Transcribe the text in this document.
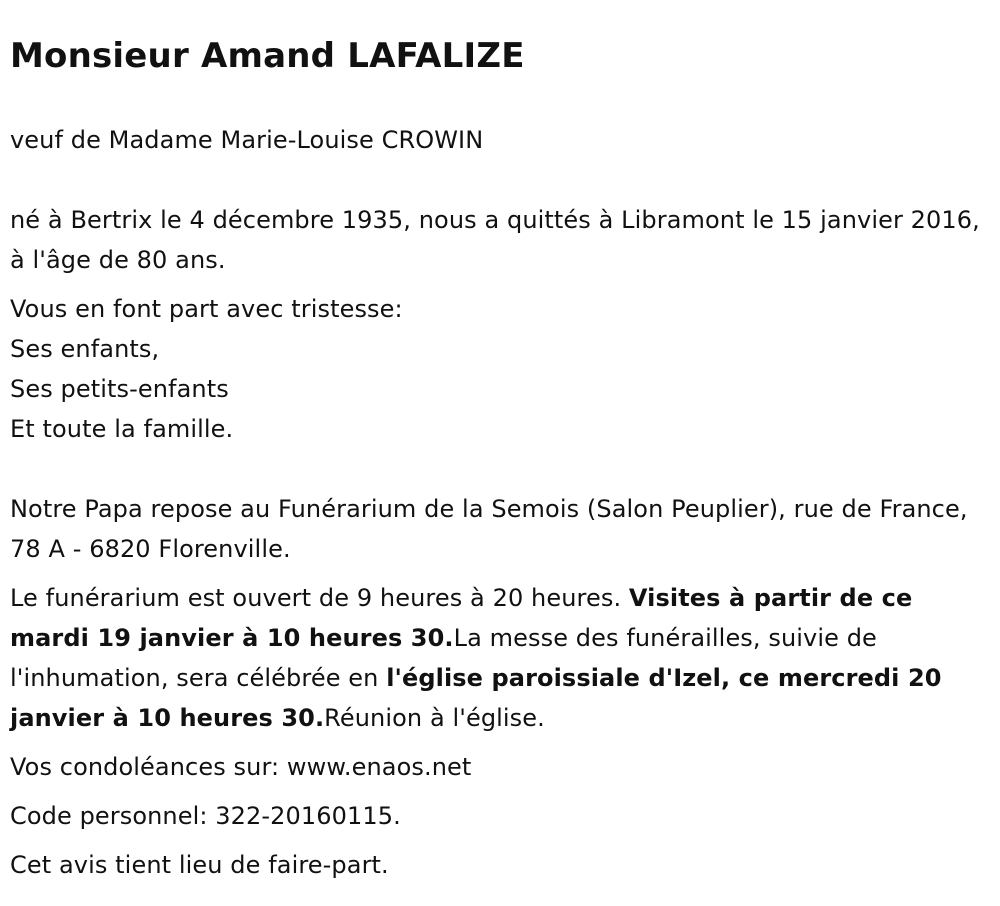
Monsieur Amand LAFALIZE

veuf de Madame Marie-Louise CROWIN

né à Bertrix le 4 décembre 1935, nous a quittés à Libramont le 15 janvier 2016, à l'âge de 80 ans.

Vous en font part avec tristesse:

Ses enfants,

Ses petits-enfants

Et toute la famille.

Notre Papa repose au Funérarium de la Semois (Salon Peuplier), rue de France, 78 A - 6820 Florenville.

Le funérarium est ouvert de 9 heures à 20 heures. Visites à partir de ce mardi 19 janvier à 10 heures 30.La messe des funérailles, suivie de l'inhumation, sera célébrée en l'église paroissiale d'Izel, ce mercredi 20 janvier à 10 heures 30.Réunion à l'église.

Vos condoléances sur: www.enaos.net

Code personnel: 322-20160115.

Cet avis tient lieu de faire-part.
